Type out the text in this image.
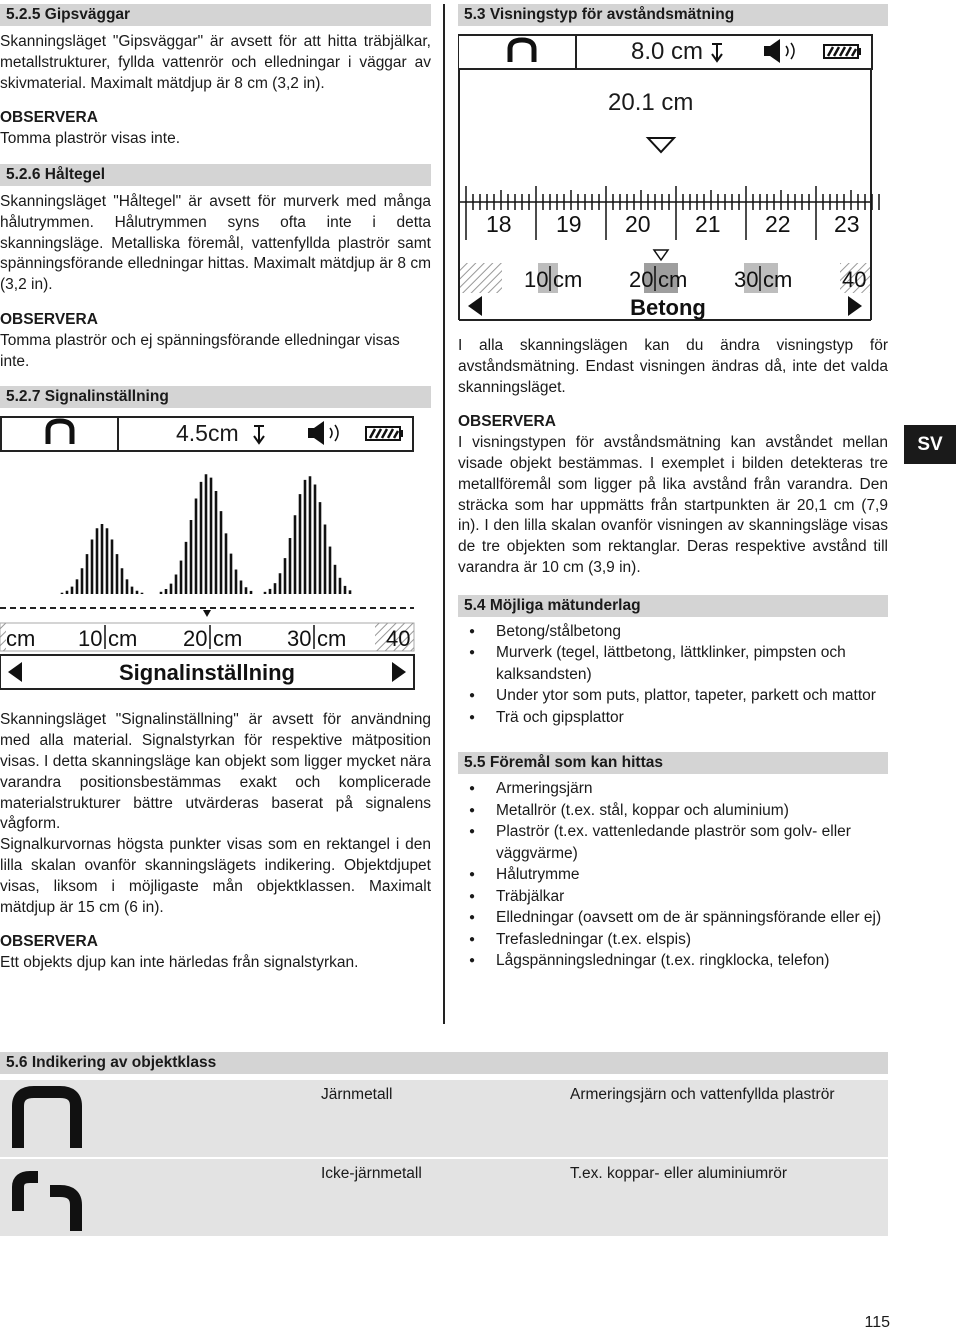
5.2.5 Gipsväggar

Skanningsläget "Gipsväggar" är avsett för att hitta träbjälkar, metallstrukturer, fyllda vattenrör och elledningar i väggar av skivmaterial. Maximalt mätdjup är 8 cm (3,2 in).

OBSERVERA

Tomma plaströr visas inte.

5.2.6 Håltegel

Skanningsläget "Håltegel" är avsett för murverk med många hålutrymmen. Hålutrymmen syns ofta inte i detta skanningsläge. Metalliska föremål, vattenfyllda plaströr samt spänningsförande elledningar hittas. Maximalt mätdjup är 8 cm (3,2 in).

OBSERVERA

Tomma plaströr och ej spänningsförande elledningar visas inte.

5.2.7 Signalinställning
cm 10 cm 20 cm 30 cm 40
Signalinställning
4.5cm

Skanningsläget "Signalinställning" är avsett för användning med alla material. Signalstyrkan för respektive mätposition visas. I detta skanningsläge kan objekt som ligger mycket nära varandra positionsbestämmas exakt och komplicerade materialstrukturer bättre utvärderas baserat på signalens vågform.

Signalkurvornas högsta punkter visas som en rektangel i den lilla skalan ovanför skanningslägets indikering. Objektdjupet visas, liksom i möjligaste mån objektklassen. Maximalt mätdjup är 15 cm (6 in).

OBSERVERA

Ett objekts djup kan inte härledas från signalstyrkan.

5.3 Visningstyp för avståndsmätning
18 19 20 21 22 23
10 cm 20 cm 30 cm 40
Betong
8.0 cm
20.1 cm

I alla skanningslägen kan du ändra visningstyp för avståndsmätning. Endast visningen ändras då, inte det valda skanningsläget.

OBSERVERA

I visningstypen för avståndsmätning kan avståndet mellan visade objekt bestämmas. I exemplet i bilden detekteras tre metallföremål som ligger på lika avstånd från varandra. Den sträcka som har uppmätts från startpunkten är 20,1 cm (7,9 in). I den lilla skalan ovanför visningen av skanningsläge visas de tre objekten som rektanglar. Deras respektive avstånd till varandra är 10 cm (3,9 in).

5.4 Möjliga mätunderlag
● Betong/stålbetong
● Murverk (tegel, lättbetong, lättklinker, pimpsten och kalksandsten)
● Under ytor som puts, plattor, tapeter, parkett och mattor
● Trä och gipsplattor
5.5 Föremål som kan hittas
● Armeringsjärn
● Metallrör (t.ex. stål, koppar och aluminium)
● Plaströr (t.ex. vattenledande plaströr som golv- eller väggvärme)
● Hålutrymme
● Träbjälkar
● Elledningar (oavsett om de är spänningsförande eller ej)
● Trefasledningar (t.ex. elspis)
● Lågspänningsledningar (t.ex. ringklocka, telefon)
SV
5.6 Indikering av objektklass
Järnmetall	Armeringsjärn och vattenfyllda plaströr
Icke-järnmetall	T.ex. koppar- eller aluminiumrör
115
